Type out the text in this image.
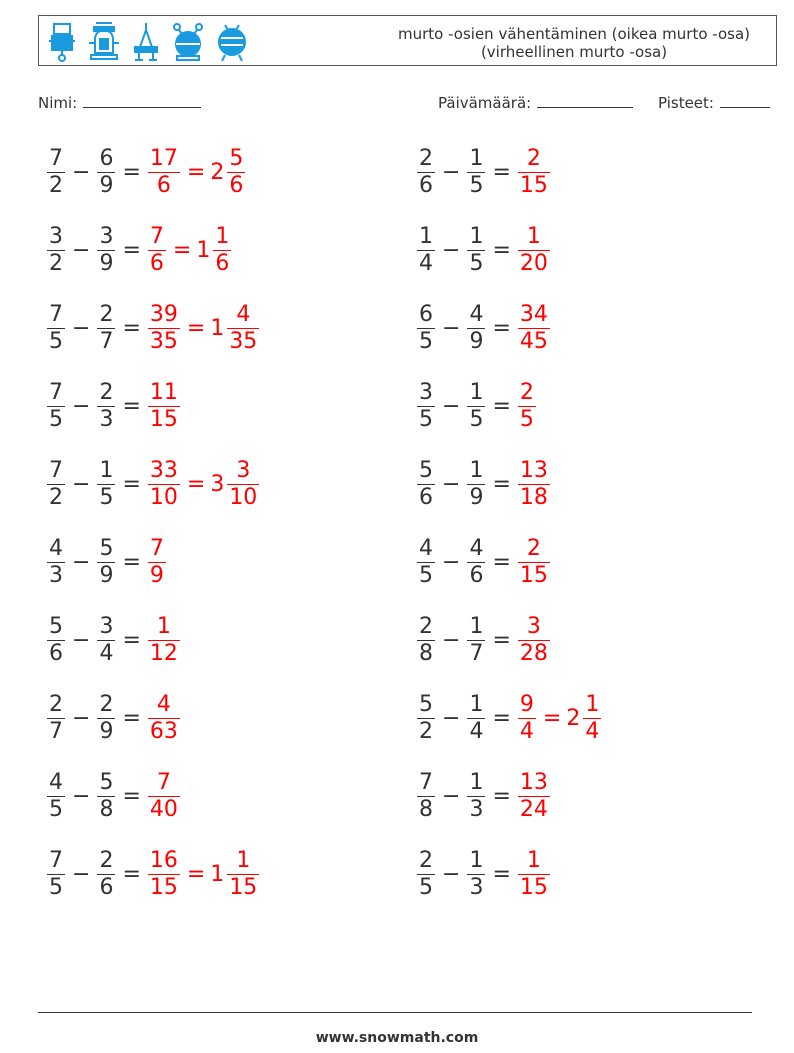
murto -osien vähentäminen (oikea murto -osa) (virheellinen murto -osa)
Nimi:	Päivämäärä:	Pisteet:
$\frac{7}{2} - \frac{6}{9} = \frac{17}{6} = 2 \frac{5}{6}$	$\frac{2}{6} - \frac{1}{5} = \frac{2}{15}$
$\frac{3}{2} - \frac{3}{9} = \frac{7}{6} = 1 \frac{1}{6}$	$\frac{1}{4} - \frac{1}{5} = \frac{1}{20}$
$\frac{7}{5} - \frac{2}{7} = \frac{39}{35} = 1 \frac{4}{35}$	$\frac{6}{5} - \frac{4}{9} = \frac{34}{45}$
$\frac{7}{5} - \frac{2}{3} = \frac{11}{15}$	$\frac{3}{5} - \frac{1}{5} = \frac{2}{5}$
$\frac{7}{2} - \frac{1}{5} = \frac{33}{10} = 3 \frac{3}{10}$	$\frac{5}{6} - \frac{1}{9} = \frac{13}{18}$
$\frac{4}{3} - \frac{5}{9} = \frac{7}{9}$	$\frac{4}{5} - \frac{4}{6} = \frac{2}{15}$
$\frac{5}{6} - \frac{3}{4} = \frac{1}{12}$	$\frac{2}{8} - \frac{1}{7} = \frac{3}{28}$
$\frac{2}{7} - \frac{2}{9} = \frac{4}{63}$	$\frac{5}{2} - \frac{1}{4} = \frac{9}{4} = 2 \frac{1}{4}$
$\frac{4}{5} - \frac{5}{8} = \frac{7}{40}$	$\frac{7}{8} - \frac{1}{3} = \frac{13}{24}$
$\frac{7}{5} - \frac{2}{6} = \frac{16}{15} = 1 \frac{1}{15}$	$\frac{2}{5} - \frac{1}{3} = \frac{1}{15}$
www.snowmath.com
